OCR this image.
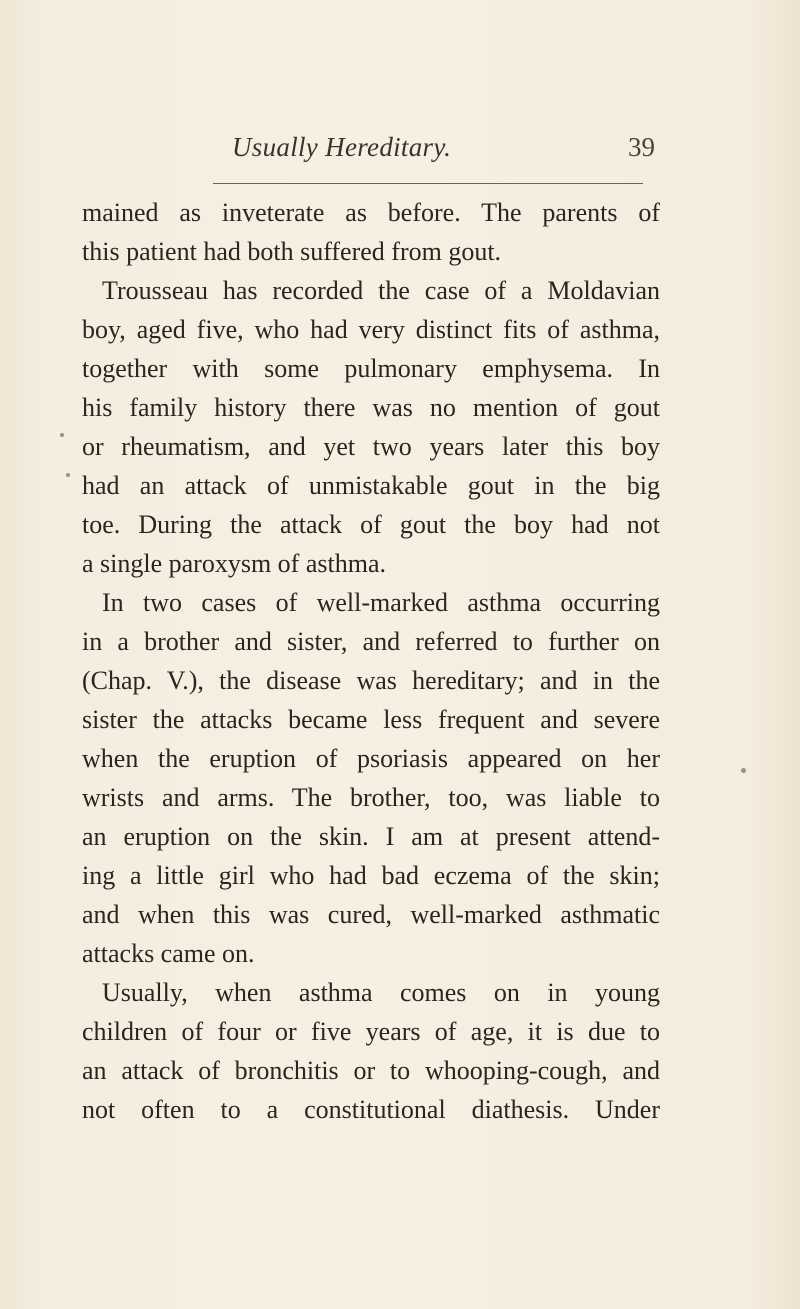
Usually Hereditary.	39
mained as inveterate as before. The parents of
this patient had both suffered from gout.
Trousseau has recorded the case of a Moldavian
boy, aged five, who had very distinct fits of asthma,
together with some pulmonary emphysema. In
his family history there was no mention of gout
or rheumatism, and yet two years later this boy
had an attack of unmistakable gout in the big
toe. During the attack of gout the boy had not
a single paroxysm of asthma.
In two cases of well-marked asthma occurring
in a brother and sister, and referred to further on
(Chap. V.), the disease was hereditary; and in the
sister the attacks became less frequent and severe
when the eruption of psoriasis appeared on her
wrists and arms. The brother, too, was liable to
an eruption on the skin. I am at present attend-
ing a little girl who had bad eczema of the skin;
and when this was cured, well-marked asthmatic
attacks came on.
Usually, when asthma comes on in young
children of four or five years of age, it is due to
an attack of bronchitis or to whooping-cough, and
not often to a constitutional diathesis. Under
